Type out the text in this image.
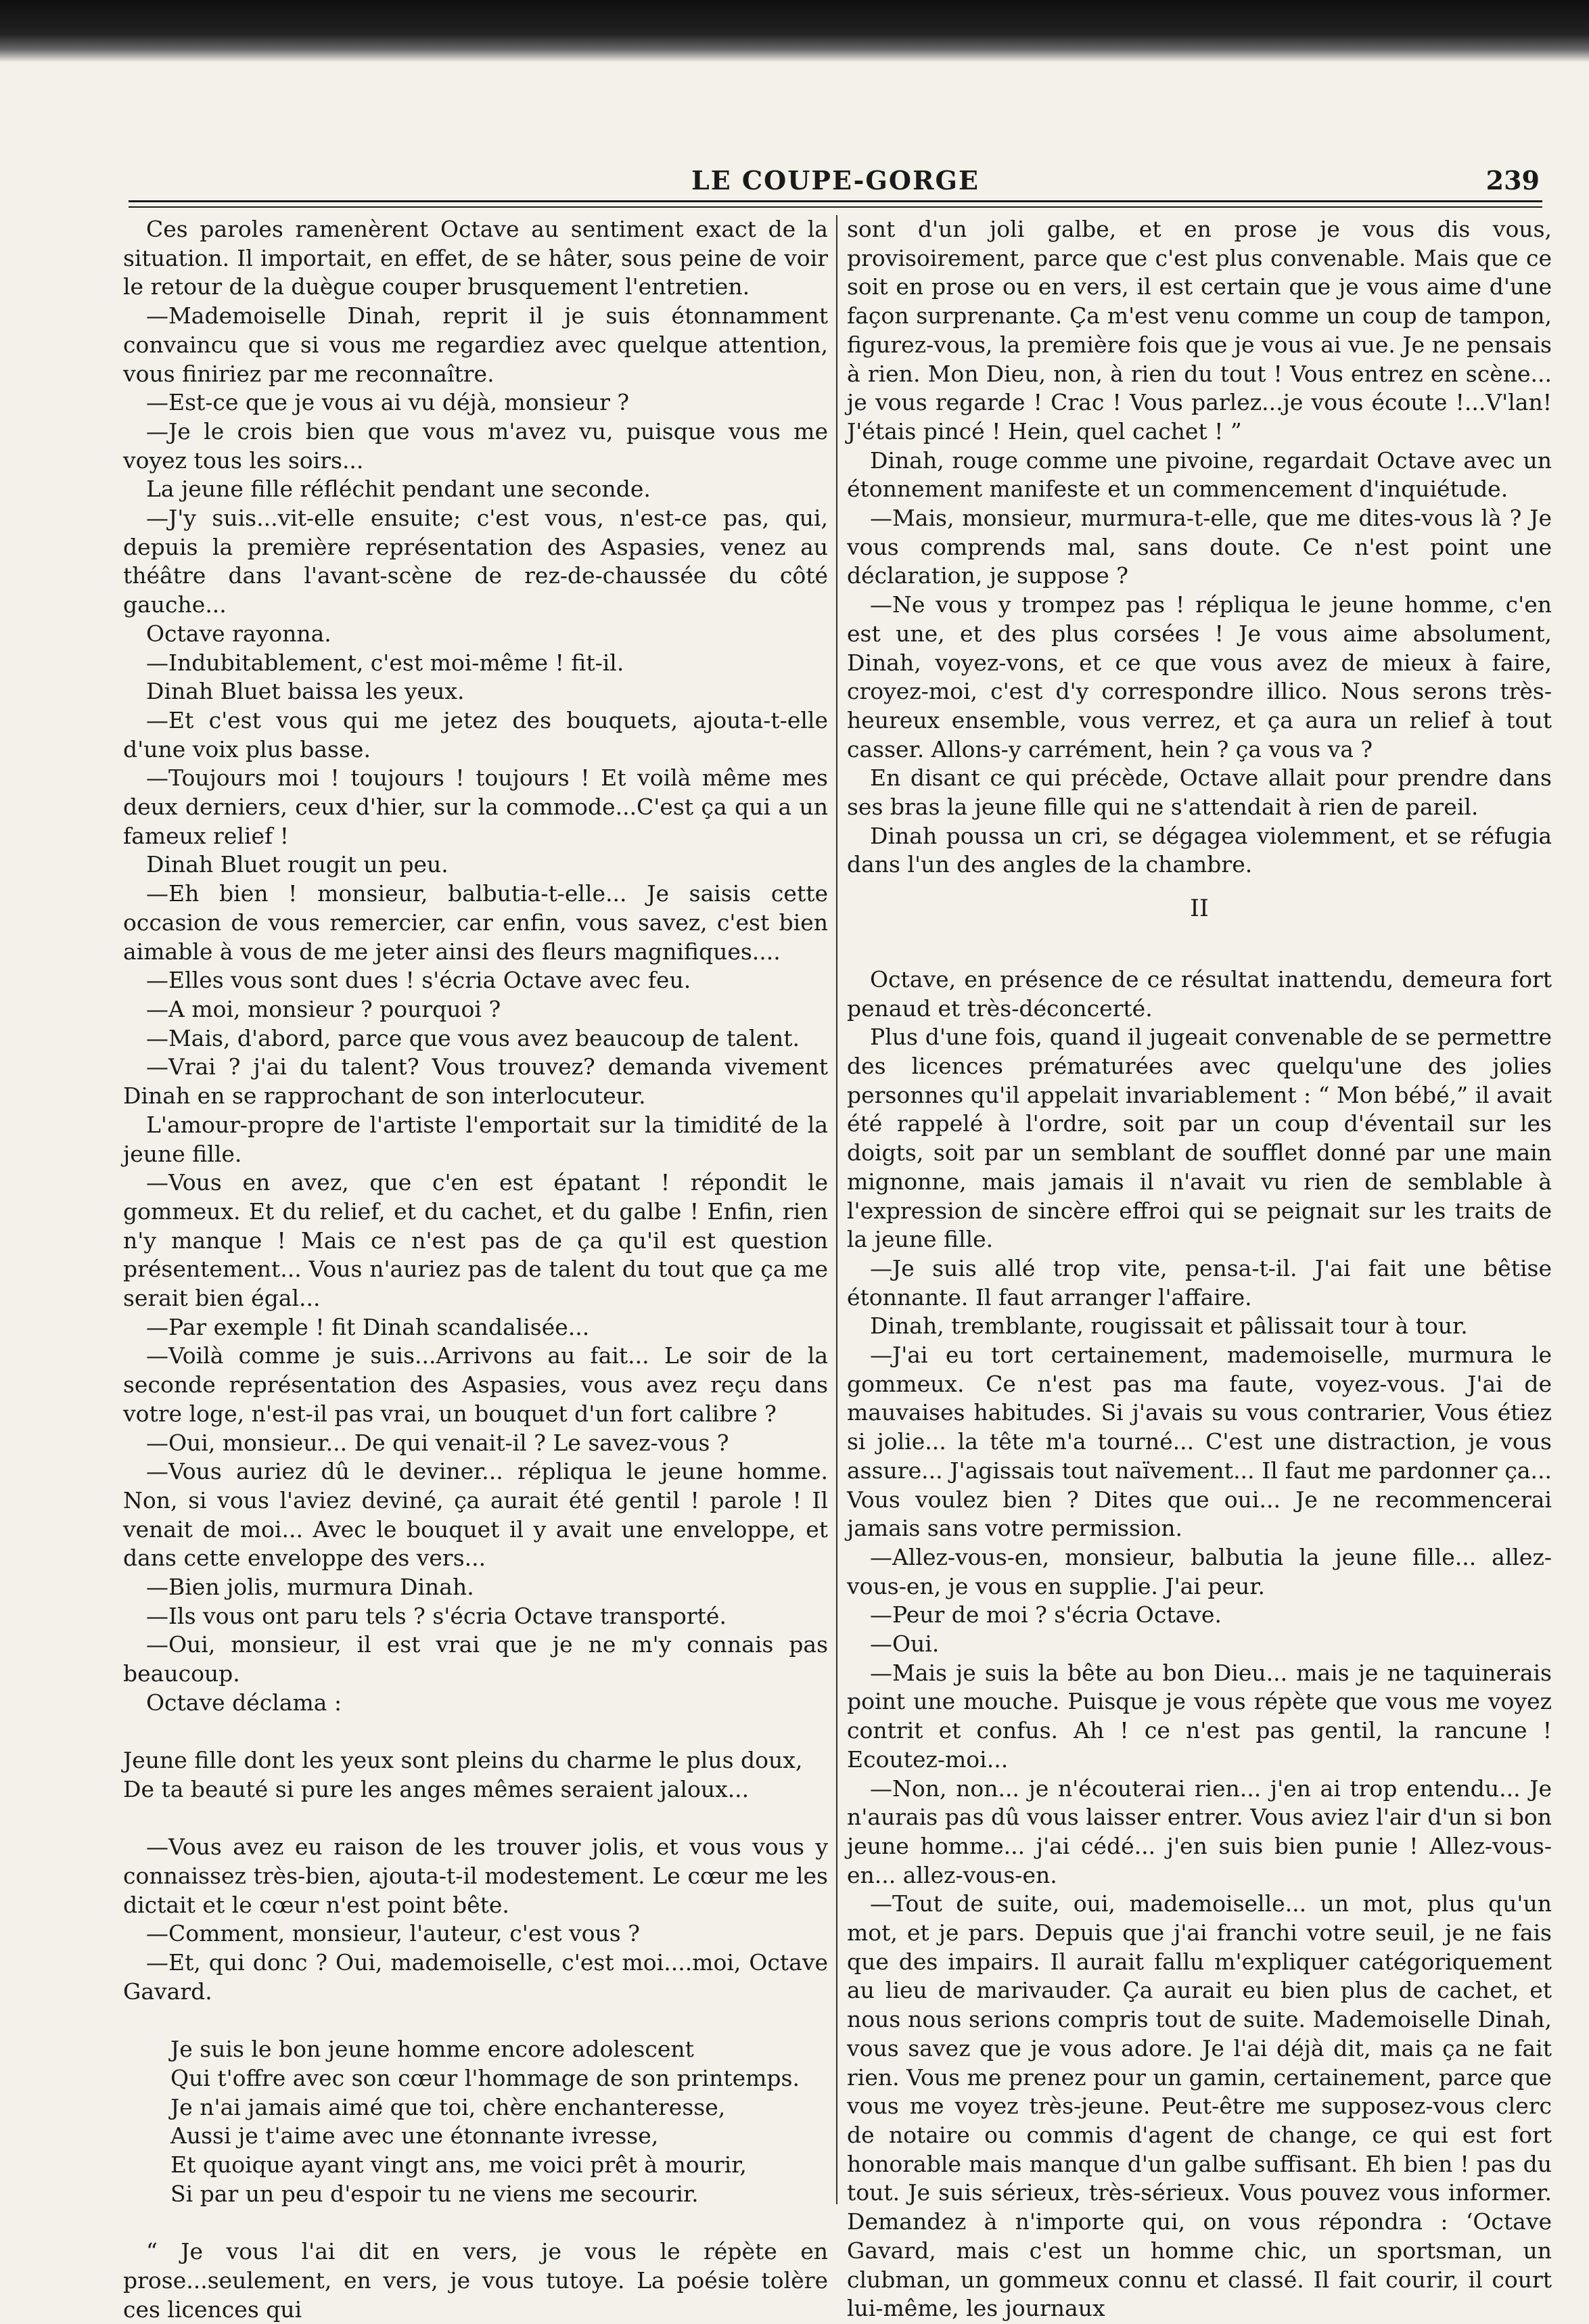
LE COUPE-GORGE	239

Ces paroles ramenèrent Octave au sentiment exact de la situation. Il importait, en effet, de se hâter, sous peine de voir le retour de la duègue couper brusquement l'entretien.

—Mademoiselle Dinah, reprit il je suis étonnamment convaincu que si vous me regardiez avec quelque attention, vous finiriez par me reconnaître.

—Est-ce que je vous ai vu déjà, monsieur ?

—Je le crois bien que vous m'avez vu, puisque vous me voyez tous les soirs...

La jeune fille réfléchit pendant une seconde.

—J'y suis...vit-elle ensuite; c'est vous, n'est-ce pas, qui, depuis la première représentation des Aspasies, venez au théâtre dans l'avant-scène de rez-de-chaussée du côté gauche...

Octave rayonna.

—Indubitablement, c'est moi-même ! fit-il.

Dinah Bluet baissa les yeux.

—Et c'est vous qui me jetez des bouquets, ajouta-t-elle d'une voix plus basse.

—Toujours moi ! toujours ! toujours ! Et voilà même mes deux derniers, ceux d'hier, sur la commode...C'est ça qui a un fameux relief !

Dinah Bluet rougit un peu.

—Eh bien ! monsieur, balbutia-t-elle... Je saisis cette occasion de vous remercier, car enfin, vous savez, c'est bien aimable à vous de me jeter ainsi des fleurs magnifiques....

—Elles vous sont dues ! s'écria Octave avec feu.

—A moi, monsieur ? pourquoi ?

—Mais, d'abord, parce que vous avez beaucoup de talent.

—Vrai ? j'ai du talent? Vous trouvez? demanda vivement Dinah en se rapprochant de son interlocuteur.

L'amour-propre de l'artiste l'emportait sur la timidité de la jeune fille.

—Vous en avez, que c'en est épatant ! répondit le gommeux. Et du relief, et du cachet, et du galbe ! Enfin, rien n'y manque ! Mais ce n'est pas de ça qu'il est question présentement... Vous n'auriez pas de talent du tout que ça me serait bien égal...

—Par exemple ! fit Dinah scandalisée...

—Voilà comme je suis...Arrivons au fait... Le soir de la seconde représentation des Aspasies, vous avez reçu dans votre loge, n'est-il pas vrai, un bouquet d'un fort calibre ?

—Oui, monsieur... De qui venait-il ? Le savez-vous ?

—Vous auriez dû le deviner... répliqua le jeune homme. Non, si vous l'aviez deviné, ça aurait été gentil ! parole ! Il venait de moi... Avec le bouquet il y avait une enveloppe, et dans cette enveloppe des vers...

—Bien jolis, murmura Dinah.

—Ils vous ont paru tels ? s'écria Octave transporté.

—Oui, monsieur, il est vrai que je ne m'y connais pas beaucoup.

Octave déclama :

Jeune fille dont les yeux sont pleins du charme le plus doux,
De ta beauté si pure les anges mêmes seraient jaloux...

—Vous avez eu raison de les trouver jolis, et vous vous y connaissez très-bien, ajouta-t-il modestement. Le cœur me les dictait et le cœur n'est point bête.

—Comment, monsieur, l'auteur, c'est vous ?

—Et, qui donc ? Oui, mademoiselle, c'est moi....moi, Octave Gavard.

Je suis le bon jeune homme encore adolescent
Qui t'offre avec son cœur l'hommage de son printemps.
Je n'ai jamais aimé que toi, chère enchanteresse,
Aussi je t'aime avec une étonnante ivresse,
Et quoique ayant vingt ans, me voici prêt à mourir,
Si par un peu d'espoir tu ne viens me secourir.

“ Je vous l'ai dit en vers, je vous le répète en prose...seulement, en vers, je vous tutoye. La poésie tolère ces licences qui

sont d'un joli galbe, et en prose je vous dis vous, provisoirement, parce que c'est plus convenable. Mais que ce soit en prose ou en vers, il est certain que je vous aime d'une façon surprenante. Ça m'est venu comme un coup de tampon, figurez-vous, la première fois que je vous ai vue. Je ne pensais à rien. Mon Dieu, non, à rien du tout ! Vous entrez en scène... je vous regarde ! Crac ! Vous parlez...je vous écoute !...V'lan! J'étais pincé ! Hein, quel cachet ! ”

Dinah, rouge comme une pivoine, regardait Octave avec un étonnement manifeste et un commencement d'inquiétude.

—Mais, monsieur, murmura-t-elle, que me dites-vous là ? Je vous comprends mal, sans doute. Ce n'est point une déclaration, je suppose ?

—Ne vous y trompez pas ! répliqua le jeune homme, c'en est une, et des plus corsées ! Je vous aime absolument, Dinah, voyez-vons, et ce que vous avez de mieux à faire, croyez-moi, c'est d'y correspondre illico. Nous serons très-heureux ensemble, vous verrez, et ça aura un relief à tout casser. Allons-y carrément, hein ? ça vous va ?

En disant ce qui précède, Octave allait pour prendre dans ses bras la jeune fille qui ne s'attendait à rien de pareil.

Dinah poussa un cri, se dégagea violemment, et se réfugia dans l'un des angles de la chambre.

II

Octave, en présence de ce résultat inattendu, demeura fort penaud et très-déconcerté.

Plus d'une fois, quand il jugeait convenable de se permettre des licences prématurées avec quelqu'une des jolies personnes qu'il appelait invariablement : “ Mon bébé,” il avait été rappelé à l'ordre, soit par un coup d'éventail sur les doigts, soit par un semblant de soufflet donné par une main mignonne, mais jamais il n'avait vu rien de semblable à l'expression de sincère effroi qui se peignait sur les traits de la jeune fille.

—Je suis allé trop vite, pensa-t-il. J'ai fait une bêtise étonnante. Il faut arranger l'affaire.

Dinah, tremblante, rougissait et pâlissait tour à tour.

—J'ai eu tort certainement, mademoiselle, murmura le gommeux. Ce n'est pas ma faute, voyez-vous. J'ai de mauvaises habitudes. Si j'avais su vous contrarier, Vous étiez si jolie... la tête m'a tourné... C'est une distraction, je vous assure... J'agissais tout naïvement... Il faut me pardonner ça... Vous voulez bien ? Dites que oui... Je ne recommencerai jamais sans votre permission.

—Allez-vous-en, monsieur, balbutia la jeune fille... allez-vous-en, je vous en supplie. J'ai peur.

—Peur de moi ? s'écria Octave.

—Oui.

—Mais je suis la bête au bon Dieu... mais je ne taquinerais point une mouche. Puisque je vous répète que vous me voyez contrit et confus. Ah ! ce n'est pas gentil, la rancune ! Ecoutez-moi...

—Non, non... je n'écouterai rien... j'en ai trop entendu... Je n'aurais pas dû vous laisser entrer. Vous aviez l'air d'un si bon jeune homme... j'ai cédé... j'en suis bien punie ! Allez-vous-en... allez-vous-en.

—Tout de suite, oui, mademoiselle... un mot, plus qu'un mot, et je pars. Depuis que j'ai franchi votre seuil, je ne fais que des impairs. Il aurait fallu m'expliquer catégoriquement au lieu de marivauder. Ça aurait eu bien plus de cachet, et nous nous serions compris tout de suite. Mademoiselle Dinah, vous savez que je vous adore. Je l'ai déjà dit, mais ça ne fait rien. Vous me prenez pour un gamin, certainement, parce que vous me voyez très-jeune. Peut-être me supposez-vous clerc de notaire ou commis d'agent de change, ce qui est fort honorable mais manque d'un galbe suffisant. Eh bien ! pas du tout. Je suis sérieux, très-sérieux. Vous pouvez vous informer. Demandez à n'importe qui, on vous répondra : ‘Octave Gavard, mais c'est un homme chic, un sportsman, un clubman, un gommeux connu et classé. Il fait courir, il court lui-même, les journaux
